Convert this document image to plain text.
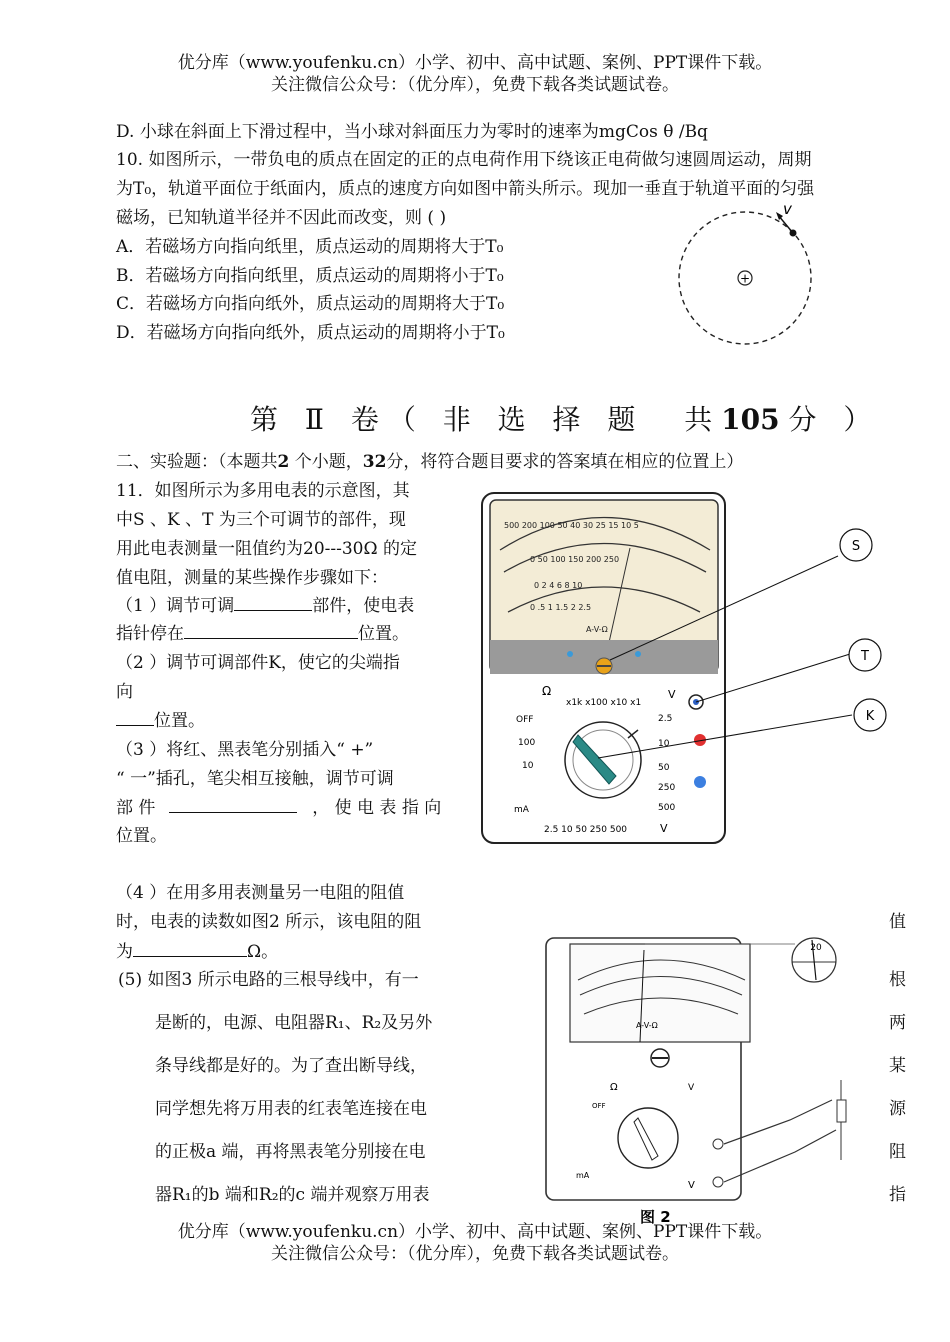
优分库（www.youfenku.cn）小学、初中、高中试题、案例、PPT课件下载。
关注微信公众号：（优分库），免费下载各类试题试卷。
D. 小球在斜面上下滑过程中，当小球对斜面压力为零时的速率为mgCos θ /Bq
10. 如图所示，一带负电的质点在固定的正的点电荷作用下绕该正电荷做匀速圆周运动，周期
为T₀，轨道平面位于纸面内，质点的速度方向如图中箭头所示。现加一垂直于轨道平面的匀强
磁场，已知轨道半径并不因此而改变，则 ( )
A．若磁场方向指向纸里，质点运动的周期将大于T₀
B．若磁场方向指向纸里，质点运动的周期将小于T₀
C．若磁场方向指向纸外，质点运动的周期将大于T₀
D．若磁场方向指向纸外，质点运动的周期将小于T₀
+
v
第 Ⅱ 卷（ 非 选 择 题 共 105 分 ）
二、实验题：（本题共2 个小题，32分，将符合题目要求的答案填在相应的位置上）
11．如图所示为多用电表的示意图，其
中S 、K 、T 为三个可调节的部件，现
用此电表测量一阻值约为20---30Ω 的定
值电阻，测量的某些操作步骤如下：
（1 ）调节可调	部件，使电表
指针停在	位置。
（2 ）调节可调部件K，使它的尖端指
向
位置。
（3 ）将红、黑表笔分别插入“ +”
“ 一”插孔，笔尖相互接触，调节可调
部 件	， 使 电 表 指 向
位置。
（4 ）在用多用表测量另一电阻的阻值
时，电表的读数如图2 所示，该电阻的阻	值
为	Ω。
(5) 如图3 所示电路的三根导线中，有一	根
是断的，电源、电阻器R₁、R₂及另外	两
条导线都是好的。为了查出断导线，	某
同学想先将万用表的红表笔连接在电	源
的正极a 端，再将黑表笔分别接在电	阻
器R₁的b 端和R₂的c 端并观察万用表	指
500 200 100 50 40 30 25 15 10 5
0 50 100 150 200 250
0 2 4 6 8 10
0 .5 1 1.5 2 2.5
A-V-Ω
Ω
x1k x100 x10 x1
V
OFF
100
10
2.5
10
50
250
500
mA
2.5 10 50 250 500	V
S
T
K
A-V-Ω
Ω	V
OFF
mA
V
20
图 2
优分库（www.youfenku.cn）小学、初中、高中试题、案例、PPT课件下载。
关注微信公众号：（优分库），免费下载各类试题试卷。
